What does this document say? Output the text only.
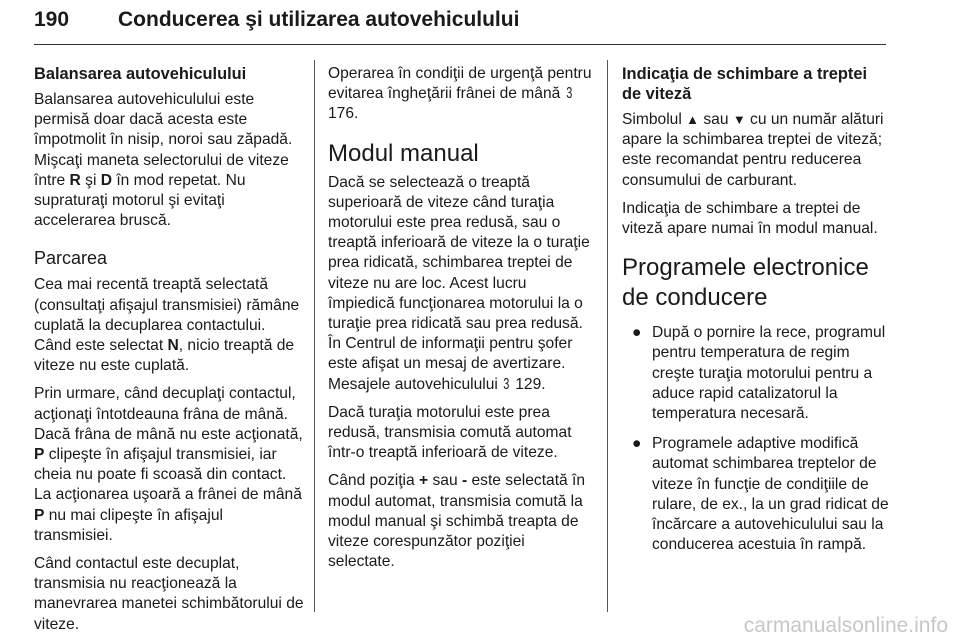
190 Conducerea şi utilizarea autovehiculului
Balansarea autovehiculului

Balansarea autovehiculului este permisă doar dacă acesta este împotmolit în nisip, noroi sau zăpadă. Mişcaţi maneta selectorului de viteze între R şi D în mod repetat. Nu supraturaţi motorul şi evitaţi accelerarea bruscă.

Parcarea

Cea mai recentă treaptă selectată (consultaţi afişajul transmisiei) rămâne cuplată la decuplarea contactului. Când este selectat N, nicio treaptă de viteze nu este cuplată.

Prin urmare, când decuplaţi contactul, acţionaţi întotdeauna frâna de mână. Dacă frâna de mână nu este acţionată, P clipeşte în afişajul transmisiei, iar cheia nu poate fi scoasă din contact. La acţionarea uşoară a frânei de mână P nu mai clipeşte în afişajul transmisiei.

Când contactul este decuplat, transmisia nu reacţionează la manevrarea manetei schimbătorului de viteze.

Operarea în condiţii de urgenţă pentru evitarea îngheţării frânei de mână 3 176.

Modul manual

Dacă se selectează o treaptă superioară de viteze când turaţia motorului este prea redusă, sau o treaptă inferioară de viteze la o turaţie prea ridicată, schimbarea treptei de viteze nu are loc. Acest lucru împiedică funcţionarea motorului la o turaţie prea ridicată sau prea redusă. În Centrul de informaţii pentru şofer este afişat un mesaj de avertizare. Mesajele autovehiculului 3 129.

Dacă turaţia motorului este prea redusă, transmisia comută automat într-o treaptă inferioară de viteze.

Când poziţia + sau - este selectată în modul automat, transmisia comută la modul manual şi schimbă treapta de viteze corespunzător poziţiei selectate.

Indicaţia de schimbare a treptei de viteză

Simbolul ▲ sau ▼ cu un număr alături apare la schimbarea treptei de viteză; este recomandat pentru reducerea consumului de carburant.

Indicaţia de schimbare a treptei de viteză apare numai în modul manual.

Programele electronice de conducere
● După o pornire la rece, programul pentru temperatura de regim creşte turaţia motorului pentru a aduce rapid catalizatorul la temperatura necesară.
● Programele adaptive modifică automat schimbarea treptelor de viteze în funcţie de condiţiile de rulare, de ex., la un grad ridicat de încărcare a autovehiculului sau la conducerea acestuia în rampă.
carmanualsonline.info
